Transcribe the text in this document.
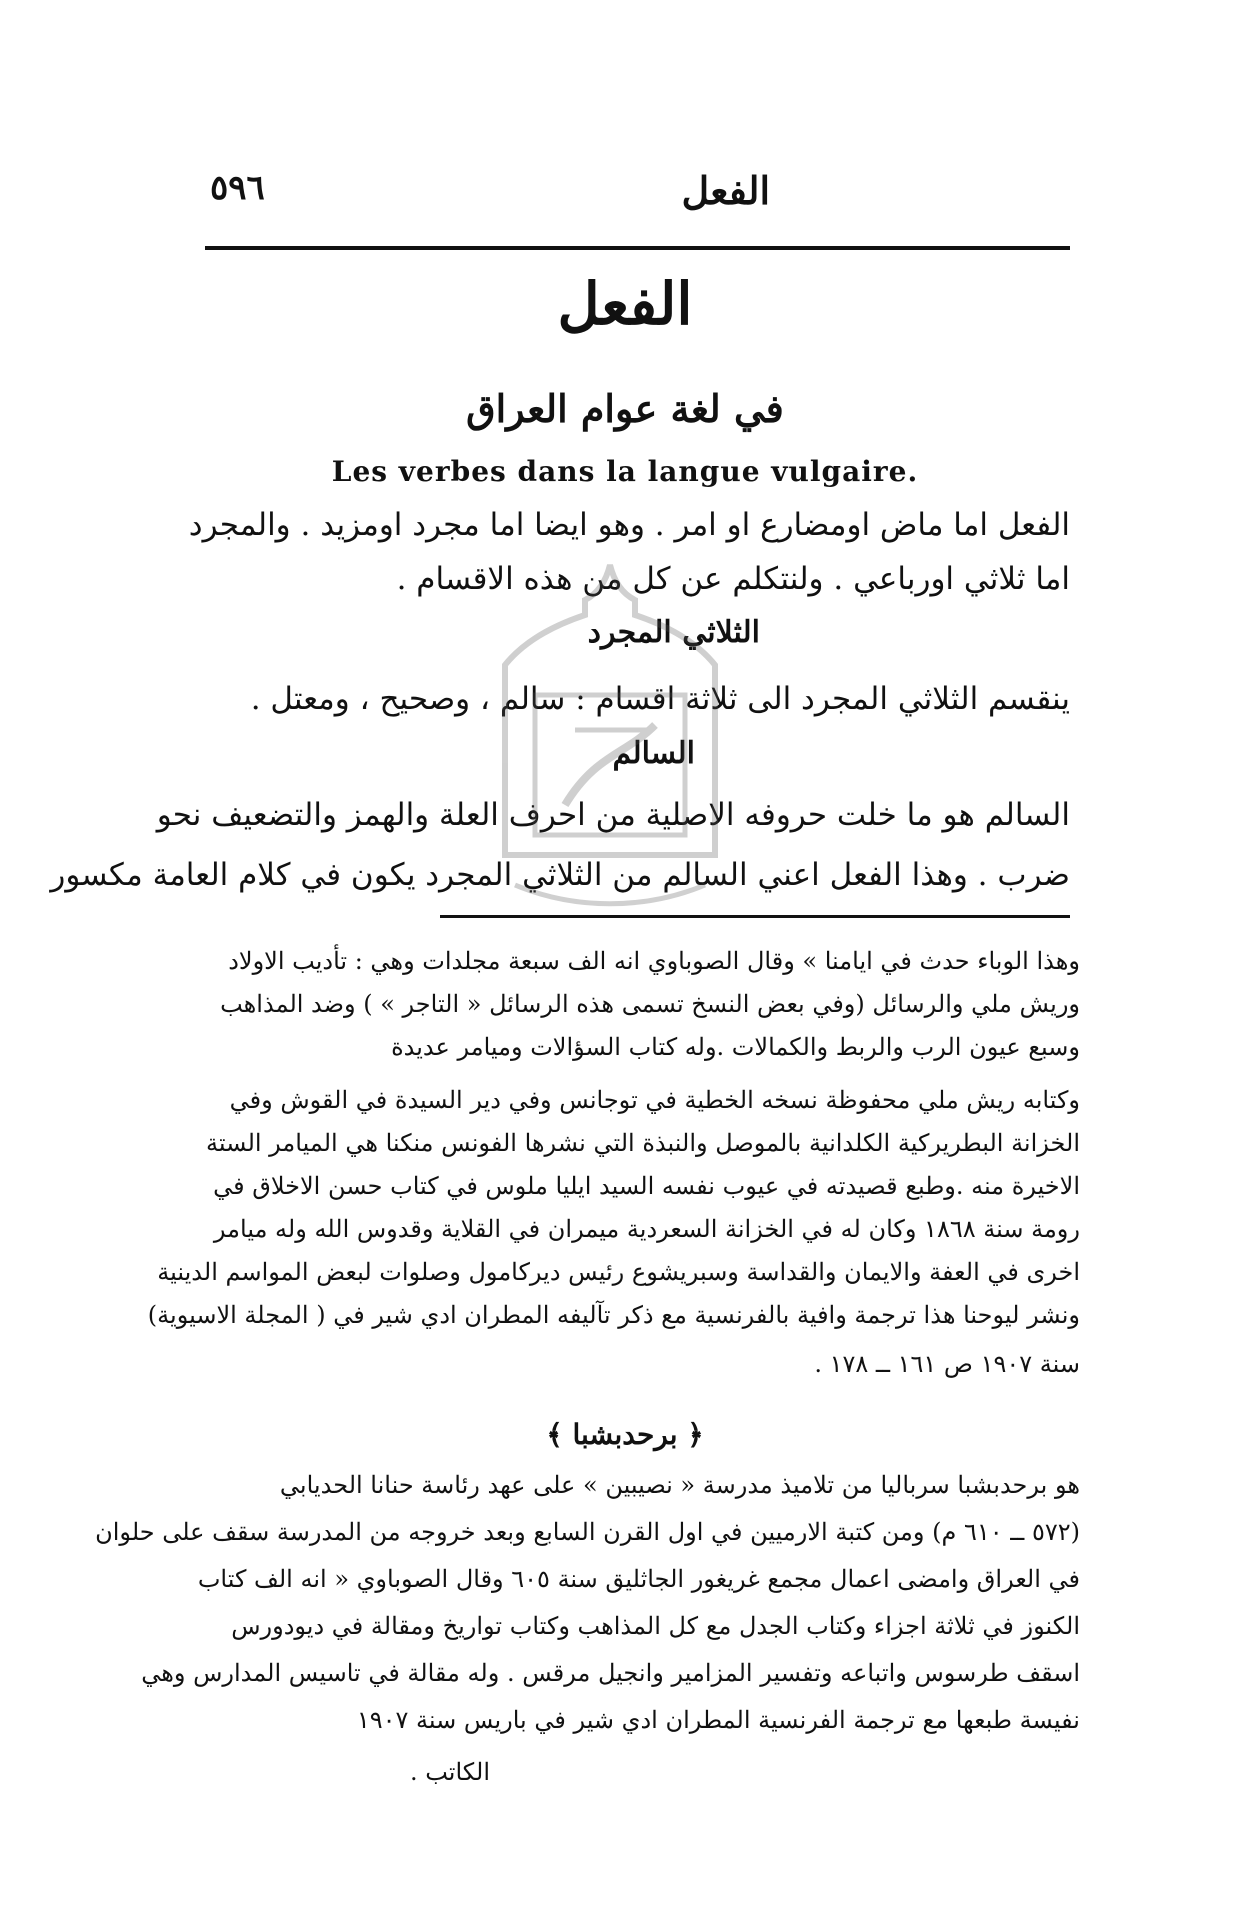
٥٩٦	الفعل
الفعل
في لغة عوام العراق
Les verbes dans la langue vulgaire.
الفعل اما ماض اومضارع او امر . وهو ايضا اما مجرد اومزيد . والمجرد
اما ثلاثي اورباعي . ولنتكلم عن كل من هذه الاقسام .
الثلاثي المجرد
ينقسم الثلاثي المجرد الى ثلاثة اقسام : سالم ، وصحيح ، ومعتل .
السالم
السالم هو ما خلت حروفه الاصلية من احرف العلة والهمز والتضعيف نحو
ضرب . وهذا الفعل اعني السالم من الثلاثي المجرد يكون في كلام العامة مكسور
وهذا الوباء حدث في ايامنا » وقال الصوباوي انه الف سبعة مجلدات وهي : تأديب الاولاد
وريش ملي والرسائل (وفي بعض النسخ تسمى هذه الرسائل « التاجر » ) وضد المذاهب
وسبع عيون الرب والربط والكمالات .وله كتاب السؤالات ومیامر عديدة
وكتابه ريش ملي محفوظة نسخه الخطية في توجانس وفي دير السيدة في القوش وفي
الخزانة البطريركية الكلدانية بالموصل والنبذة التي نشرها الفونس منكنا هي الميامر الستة
الاخيرة منه .وطبع قصيدته في عيوب نفسه السيد ايليا ملوس في كتاب حسن الاخلاق في
رومة سنة ١٨٦٨ وكان له في الخزانة السعردية ميمران في القلاية وقدوس الله وله ميامر
اخرى في العفة والايمان والقداسة وسبريشوع رئيس ديركامول وصلوات لبعض المواسم الدينية
ونشر ليوحنا هذا ترجمة وافية بالفرنسية مع ذكر تآليفه المطران ادي شير في ( المجلة الاسيوية)
سنة ١٩٠٧ ص ١٦١ ــ ١٧٨ .
﴿ برحدبشبا ﴾
هو برحدبشبا سرباليا من تلاميذ مدرسة « نصيبين » على عهد رئاسة حنانا الحديابي
(٥٧٢ ــ ٦١٠ م) ومن كتبة الارميين في اول القرن السابع وبعد خروجه من المدرسة سقف على حلوان
في العراق وامضى اعمال مجمع غريغور الجاثليق سنة ٦٠٥ وقال الصوباوي « انه الف كتاب
الكنوز في ثلاثة اجزاء وكتاب الجدل مع كل المذاهب وكتاب تواريخ ومقالة في ديودورس
اسقف طرسوس واتباعه وتفسير المزامير وانجيل مرقس . وله مقالة في تاسيس المدارس وهي
نفيسة طبعها مع ترجمة الفرنسية المطران ادي شير في باريس سنة ١٩٠٧
الكاتب .
